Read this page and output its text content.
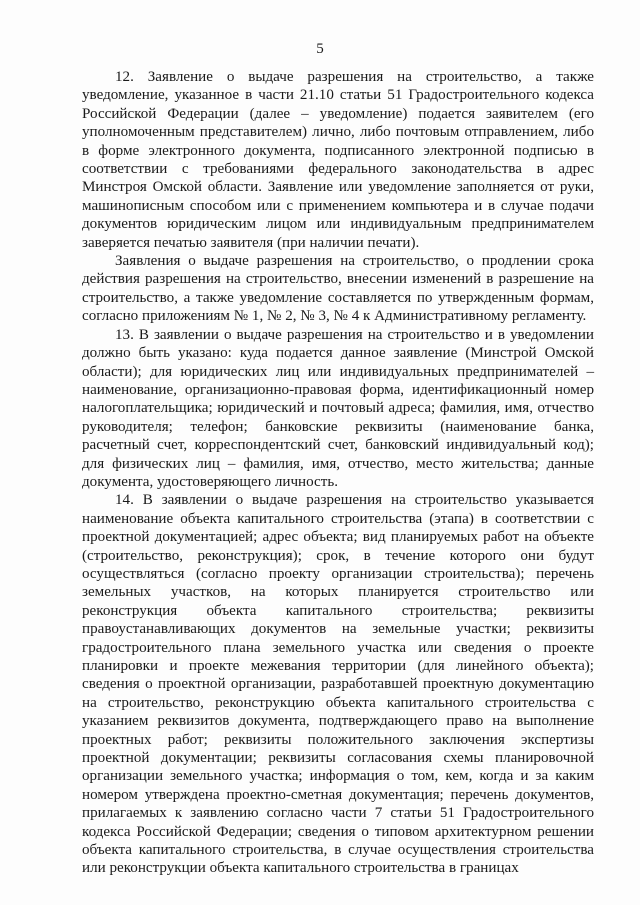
5

12. Заявление о выдаче разрешения на строительство, а также уведомление, указанное в части 21.10 статьи 51 Градостроительного кодекса Российской Федерации (далее – уведомление) подается заявителем (его уполномоченным представителем) лично, либо почтовым отправлением, либо в форме электронного документа, подписанного электронной подписью в соответствии с требованиями федерального законодательства в адрес Минстроя Омской области. Заявление или уведомление заполняется от руки, машинописным способом или с применением компьютера и в случае подачи документов юридическим лицом или индивидуальным предпринимателем заверяется печатью заявителя (при наличии печати).

Заявления о выдаче разрешения на строительство, о продлении срока действия разрешения на строительство, внесении изменений в разрешение на строительство, а также уведомление составляется по утвержденным формам, согласно приложениям № 1, № 2, № 3, № 4 к Административному регламенту.

13. В заявлении о выдаче разрешения на строительство и в уведомлении должно быть указано: куда подается данное заявление (Минстрой Омской области); для юридических лиц или индивидуальных предпринимателей – наименование, организационно-правовая форма, идентификационный номер налогоплательщика; юридический и почтовый адреса; фамилия, имя, отчество руководителя; телефон; банковские реквизиты (наименование банка, расчетный счет, корреспондентский счет, банковский индивидуальный код); для физических лиц – фамилия, имя, отчество, место жительства; данные документа, удостоверяющего личность.

14. В заявлении о выдаче разрешения на строительство указывается наименование объекта капитального строительства (этапа) в соответствии с проектной документацией; адрес объекта; вид планируемых работ на объекте (строительство, реконструкция); срок, в течение которого они будут осуществляться (согласно проекту организации строительства); перечень земельных участков, на которых планируется строительство или реконструкция объекта капитального строительства; реквизиты правоустанавливающих документов на земельные участки; реквизиты градостроительного плана земельного участка или сведения о проекте планировки и проекте межевания территории (для линейного объекта); сведения о проектной организации, разработавшей проектную документацию на строительство, реконструкцию объекта капитального строительства с указанием реквизитов документа, подтверждающего право на выполнение проектных работ; реквизиты положительного заключения экспертизы проектной документации; реквизиты согласования схемы планировочной организации земельного участка; информация о том, кем, когда и за каким номером утверждена проектно-сметная документация; перечень документов, прилагаемых к заявлению согласно части 7 статьи 51 Градостроительного кодекса Российской Федерации; сведения о типовом архитектурном решении объекта капитального строительства, в случае осуществления строительства или реконструкции объекта капитального строительства в границах
